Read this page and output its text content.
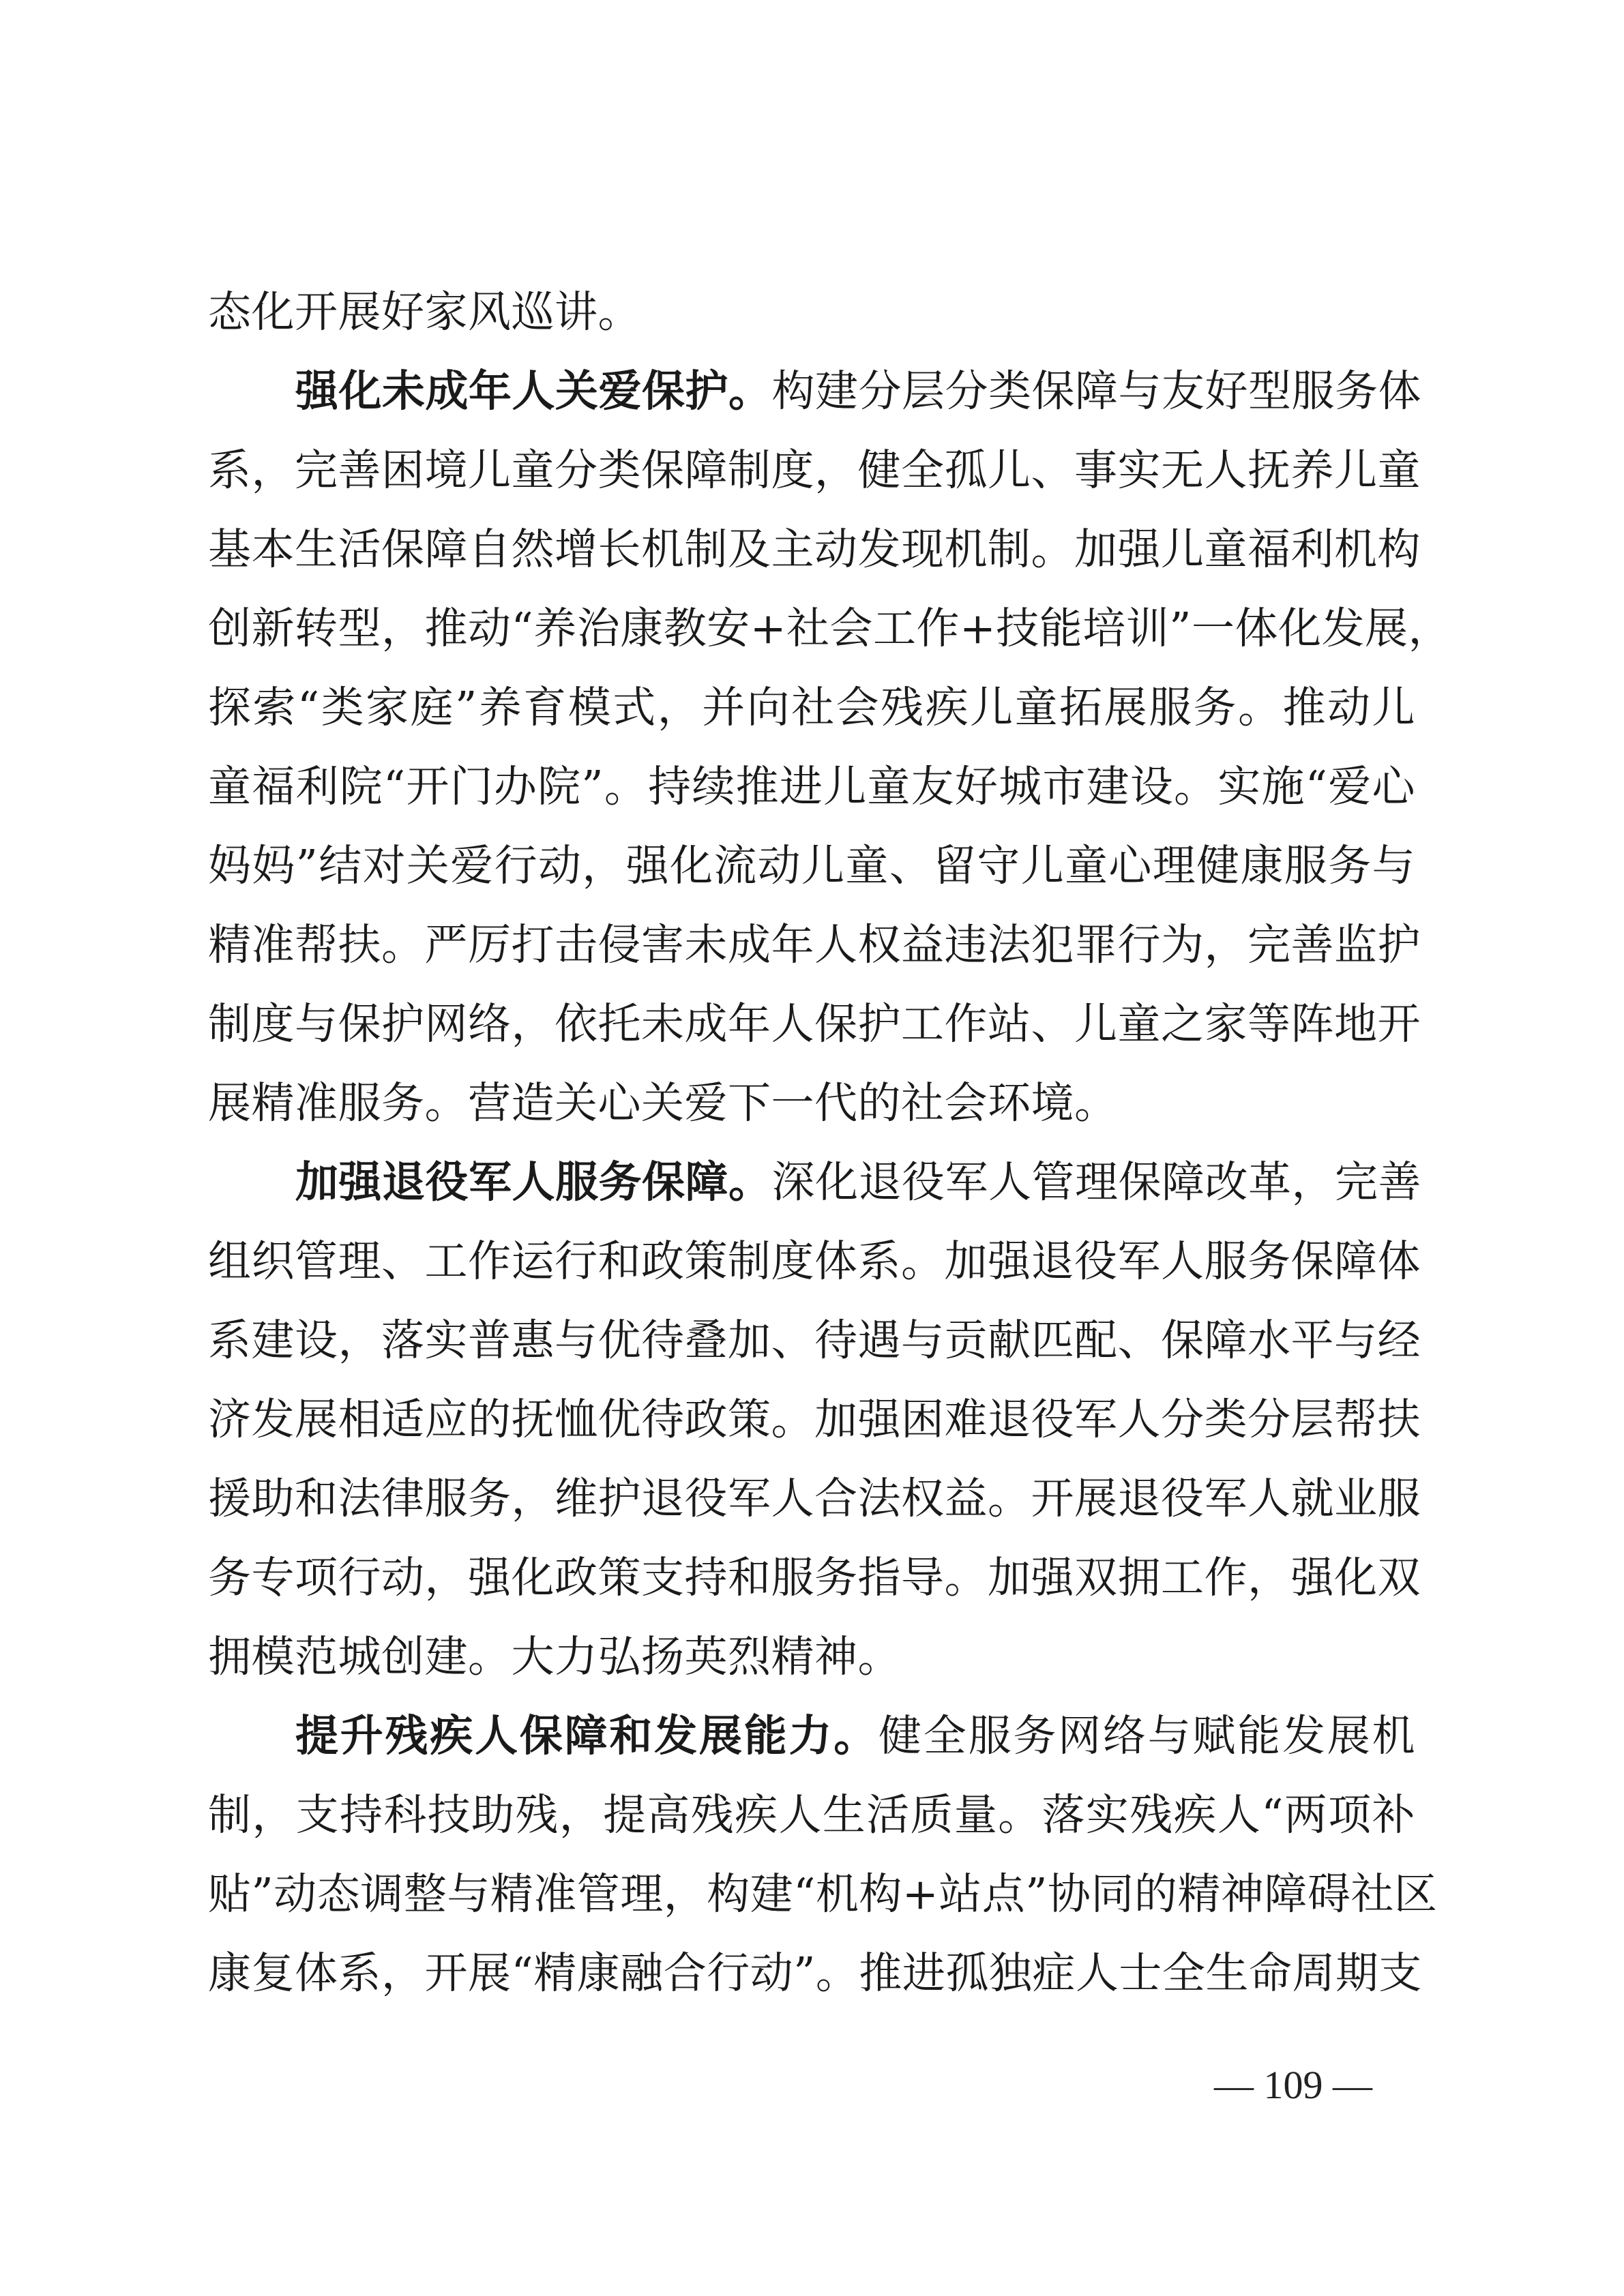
态化开展好家风巡讲。
强化未成年人关爱保护。构建分层分类保障与友好型服务体
系，完善困境儿童分类保障制度，健全孤儿、事实无人抚养儿童
基本生活保障自然增长机制及主动发现机制。加强儿童福利机构
创新转型，推动“养治康教安+社会工作+技能培训”一体化发展，
探索“类家庭”养育模式，并向社会残疾儿童拓展服务。推动儿
童福利院“开门办院”。持续推进儿童友好城市建设。实施“爱心
妈妈”结对关爱行动，强化流动儿童、留守儿童心理健康服务与
精准帮扶。严厉打击侵害未成年人权益违法犯罪行为，完善监护
制度与保护网络，依托未成年人保护工作站、儿童之家等阵地开
展精准服务。营造关心关爱下一代的社会环境。
加强退役军人服务保障。深化退役军人管理保障改革，完善
组织管理、工作运行和政策制度体系。加强退役军人服务保障体
系建设，落实普惠与优待叠加、待遇与贡献匹配、保障水平与经
济发展相适应的抚恤优待政策。加强困难退役军人分类分层帮扶
援助和法律服务，维护退役军人合法权益。开展退役军人就业服
务专项行动，强化政策支持和服务指导。加强双拥工作，强化双
拥模范城创建。大力弘扬英烈精神。
提升残疾人保障和发展能力。健全服务网络与赋能发展机
制，支持科技助残，提高残疾人生活质量。落实残疾人“两项补
贴”动态调整与精准管理，构建“机构+站点”协同的精神障碍社区
康复体系，开展“精康融合行动”。推进孤独症人士全生命周期支
— 109 —
